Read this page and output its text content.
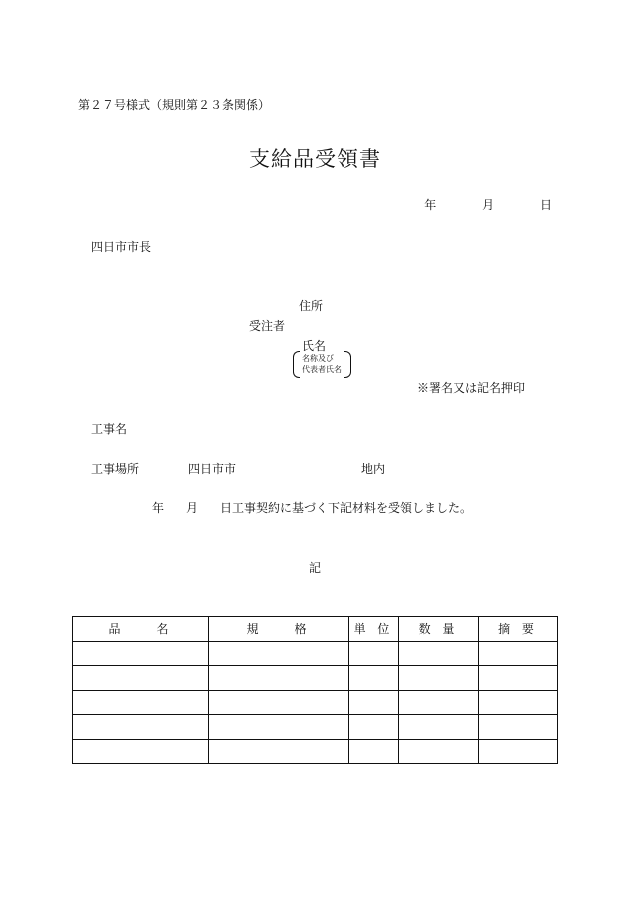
第２７号様式（規則第２３条関係）
支給品受領書
年	月	日
四日市市長
住所
受注者
氏名
名称及び
代表者氏名
※署名又は記名押印
工事名
工事場所	四日市市	地内
年 月 日工事契約に基づく下記材料を受領しました。
記
品　　名	規　　格	単 位	数 量	摘 要
